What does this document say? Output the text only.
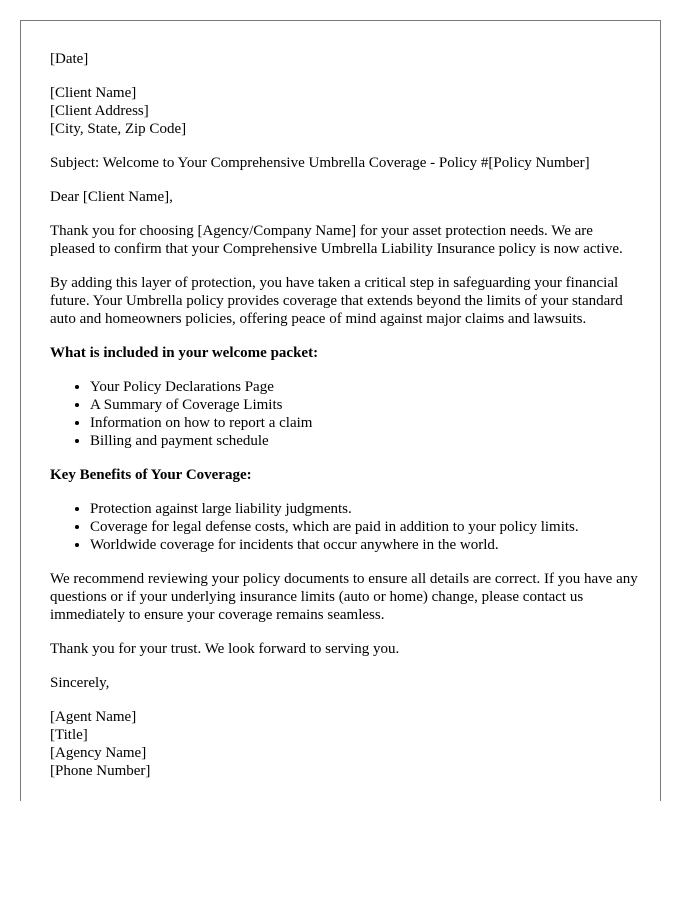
[Date]

[Client Name]
[Client Address]
[City, State, Zip Code]

Subject: Welcome to Your Comprehensive Umbrella Coverage - Policy #[Policy Number]

Dear [Client Name],

Thank you for choosing [Agency/Company Name] for your asset protection needs. We are pleased to confirm that your Comprehensive Umbrella Liability Insurance policy is now active.

By adding this layer of protection, you have taken a critical step in safeguarding your financial future. Your Umbrella policy provides coverage that extends beyond the limits of your standard auto and homeowners policies, offering peace of mind against major claims and lawsuits.

What is included in your welcome packet:

• Your Policy Declarations Page
• A Summary of Coverage Limits
• Information on how to report a claim
• Billing and payment schedule

Key Benefits of Your Coverage:

• Protection against large liability judgments.
• Coverage for legal defense costs, which are paid in addition to your policy limits.
• Worldwide coverage for incidents that occur anywhere in the world.

We recommend reviewing your policy documents to ensure all details are correct. If you have any questions or if your underlying insurance limits (auto or home) change, please contact us immediately to ensure your coverage remains seamless.

Thank you for your trust. We look forward to serving you.

Sincerely,

[Agent Name]
[Title]
[Agency Name]
[Phone Number]
